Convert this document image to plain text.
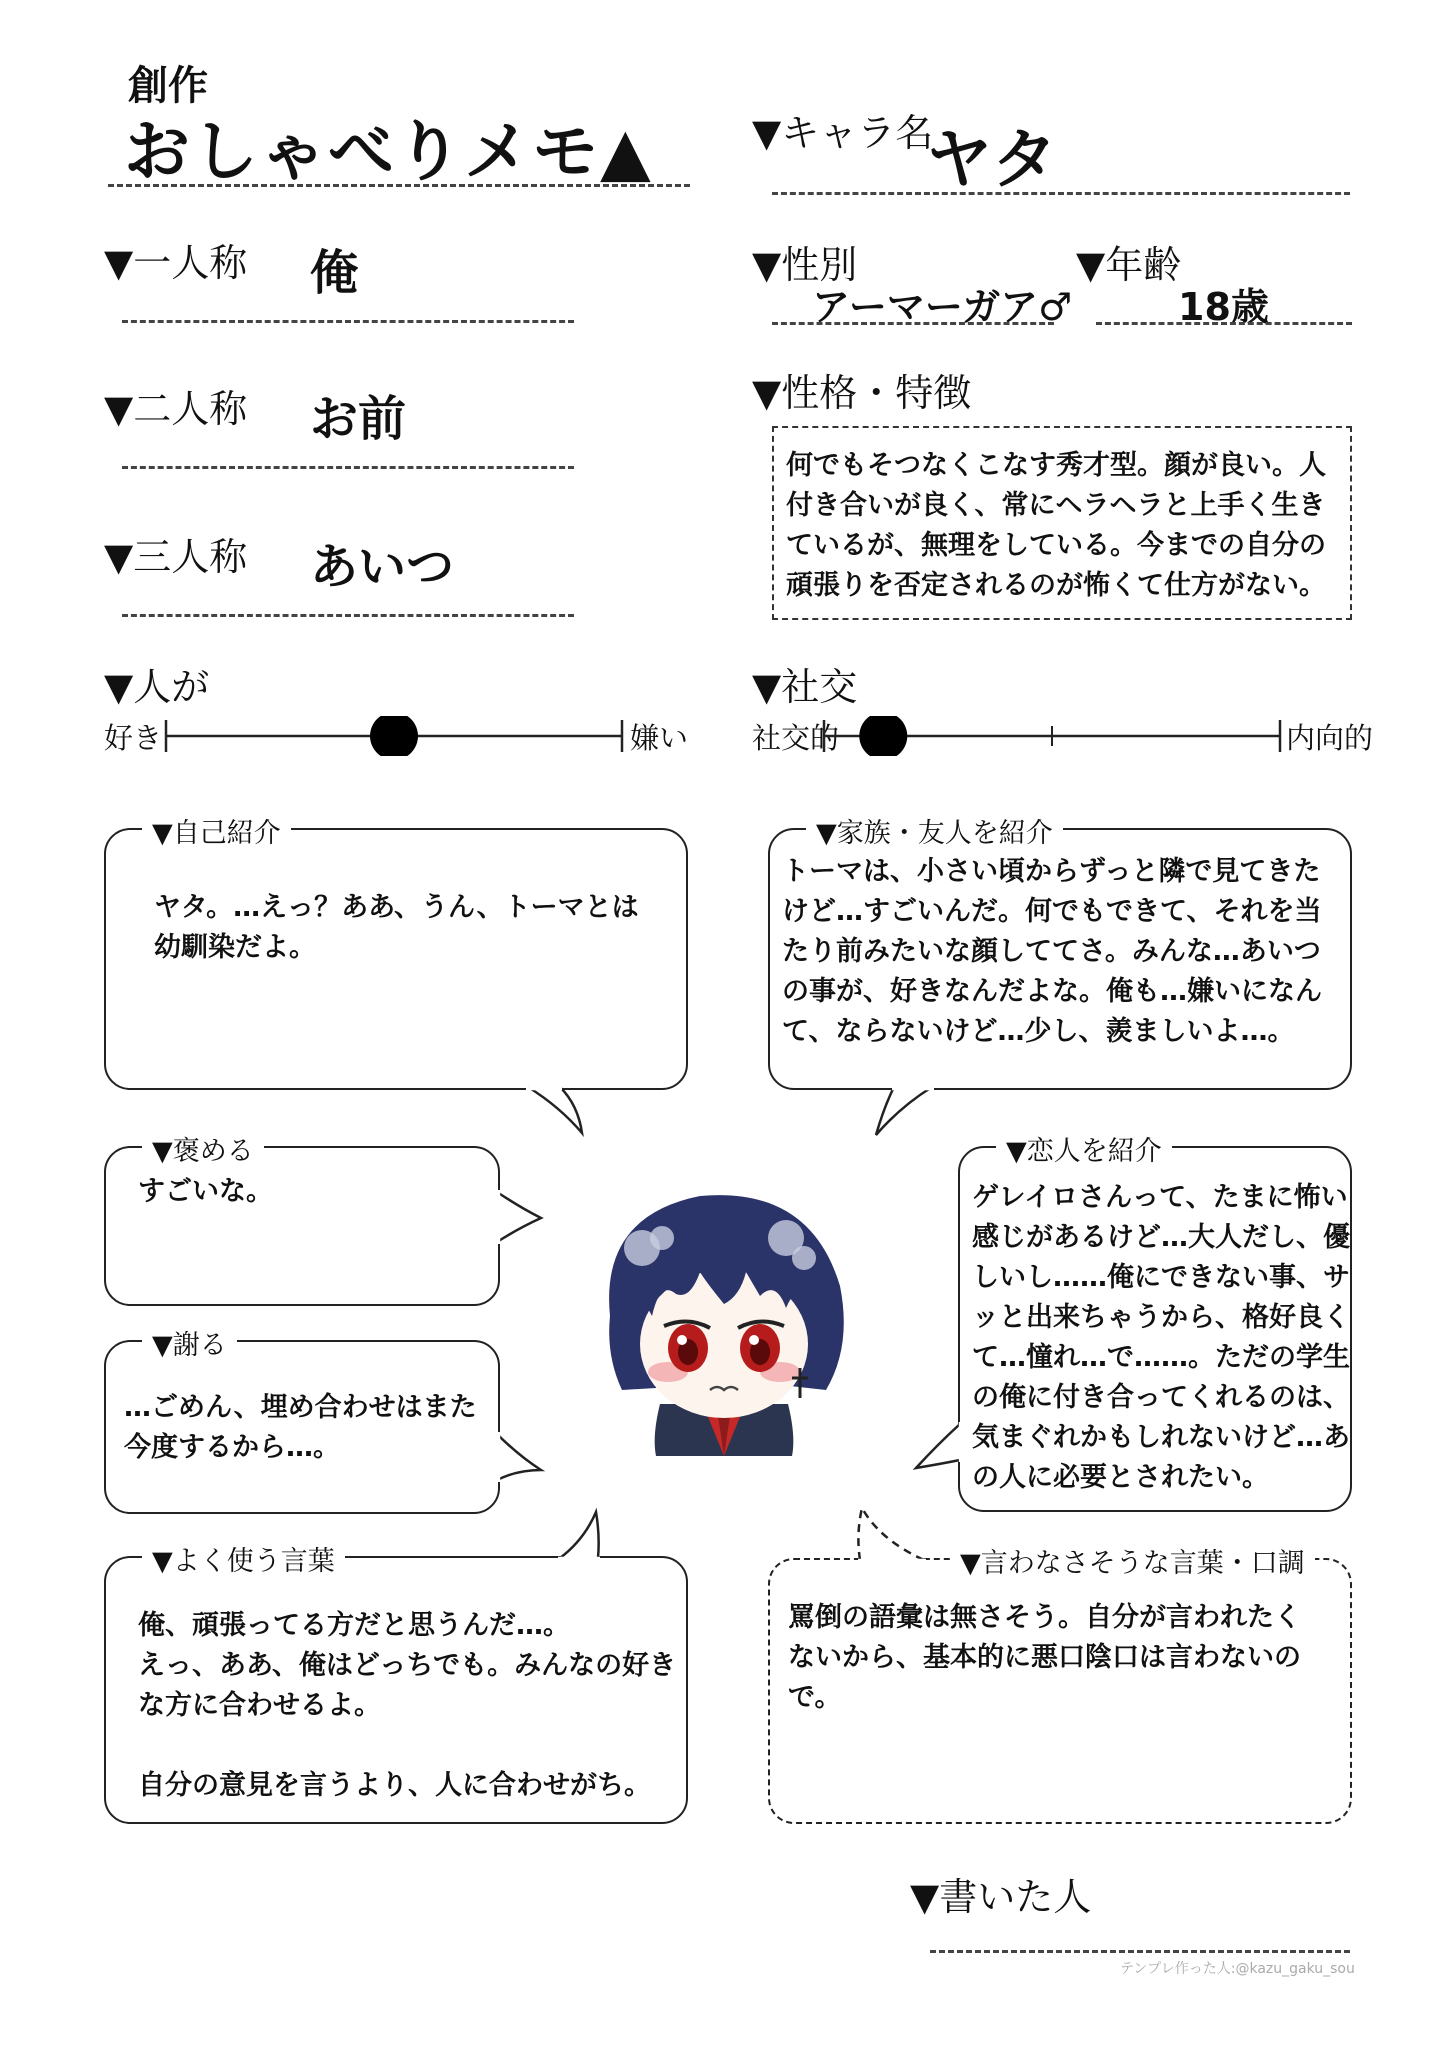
創作
おしゃべりメモ▲	▼キャラ名
ヤタ
▼一人称 俺
▼二人称 お前
▼三人称 あいつ
▼性別
アーマーガア♂
▼年齢
18歳
▼性格・特徴
何でもそつなくこなす秀才型。顔が良い。人
付き合いが良く、常にヘラヘラと上手く生き
ているが、無理をしている。今までの自分の
頑張りを否定されるのが怖くて仕方がない。
▼人が
好き	嫌い
▼社交
社交的	内向的
▼自己紹介
ヤタ。…えっ？ああ、うん、トーマとは
幼馴染だよ。
▼家族・友人を紹介
トーマは、小さい頃からずっと隣で見てきた
けど…すごいんだ。何でもできて、それを当
たり前みたいな顔しててさ。みんな…あいつ
の事が、好きなんだよな。俺も…嫌いになん
て、ならないけど…少し、羨ましいよ…。
▼褒める
すごいな。
▼謝る
…ごめん、埋め合わせはまた
今度するから…。
▼恋人を紹介
ゲレイロさんって、たまに怖い
感じがあるけど…大人だし、優
しいし……俺にできない事、サ
ッと出来ちゃうから、格好良く
て…憧れ…で……。ただの学生
の俺に付き合ってくれるのは、
気まぐれかもしれないけど…あ
の人に必要とされたい。
▼よく使う言葉
俺、頑張ってる方だと思うんだ…。
えっ、ああ、俺はどっちでも。みんなの好き
な方に合わせるよ。

自分の意見を言うより、人に合わせがち。
▼言わなさそうな言葉・口調
罵倒の語彙は無さそう。自分が言われたく
ないから、基本的に悪口陰口は言わないの
で。
▼書いた人
テンプレ作った人:@kazu_gaku_sou
